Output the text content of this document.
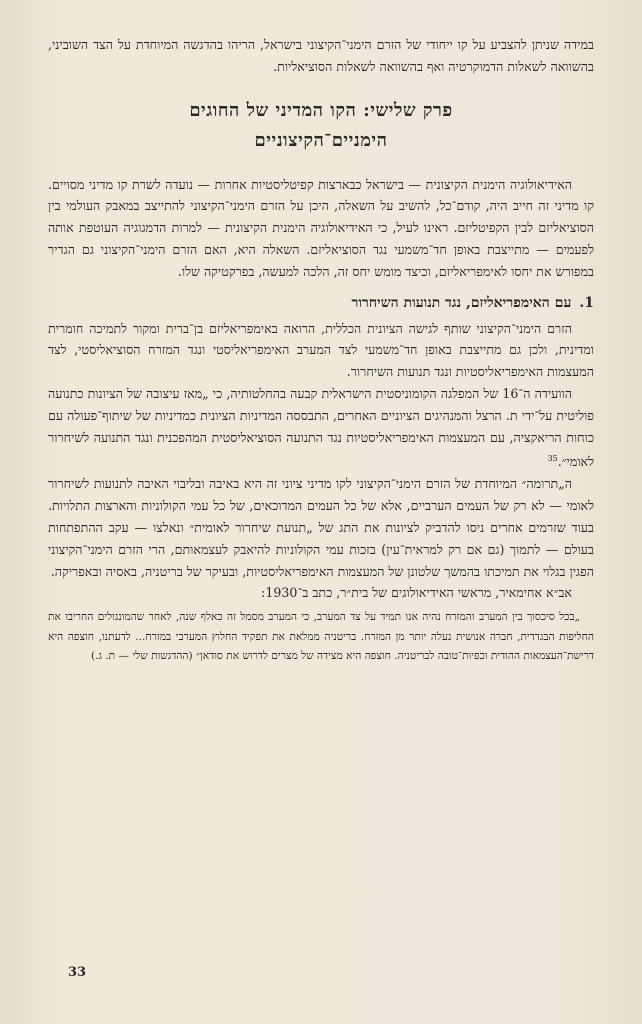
במידה שניתן להצביע על קו ייחודי של הזרם הימני־הקיצוני בישראל, הריהו בהדגשה המיוחדת על הצד השוביני, בהשוואה לשאלות הדמוקרטיה ואף בהשוואה לשאלות הסוציאליות.

פרק שלישי: הקו המדיני של החוגים
הימניים־הקיצוניים

האידיאולוגיה הימנית הקיצונית — בישראל כבארצות קפיטליסטיות אחרות — נועדה לשרת קו מדיני מסויים. קו מדיני זה חייב היה, קודם־כל, להשיב על השאלה, היכן על הזרם הימני־הקיצוני להתייצב במאבק העולמי בין הסוציאליזם לבין הקפיטליזם. ראינו לעיל, כי האידיאולוגיה הימנית הקיצונית — למרות הדמגוגיה העוטפת אותה לפעמים — מתייצבת באופן חד־משמעי נגד הסוציאליזם. השאלה היא, האם הזרם הימני־הקיצוני גם הגדיר במפורש את יחסו לאימפריאליזם, וכיצד מומש יחס זה, הלכה למעשה, בפרקטיקה שלו.

1.עם האימפריאליזם, נגד תנועות השיחרור

הזרם הימני־הקיצוני שותף לגישה הציונית הכללית, הרואה באימפריאליזם בן־ברית ומקור לתמיכה חומרית ומדינית, ולכן גם מתייצבת באופן חד־משמעי לצד המערב האימפריאליסטי ונגד המזרח הסוציאליסטי, לצד המעצמות האימפריאליסטיות ונגד תנועות השיחרור.

הוועידה ה־16 של המפלגה הקומוניסטית הישראלית קבעה בהחלטותיה, כי „מאז עיצובה של הציונות כתנועה פוליטית על־ידי ת. הרצל והמנהיגים הציוניים האחרים, התבססה המדיניות הציונית כמדיניות של שיתוף־פעולה עם כוחות הריאקציה, עם המעצמות האימפריאליסטיות נגד התנועה הסוציאליסטית המהפכנית ונגד התנועה לשיחרור לאומי״.$^{35}$

ה„תרומה״ המיוחדת של הזרם הימני־הקיצוני לקו מדיני ציוני זה היא באיבה ובליבוי האיבה לתנועות לשיחרור לאומי — לא רק של העמים הערביים, אלא של כל העמים המדוכאים, של כל עמי הקולוניות והארצות התלויות. בעוד שזרמים אחרים ניסו להדביק לציונות את התג של „תנועת שיחרור לאומית״ ונאלצו — עקב ההתפתחות בעולם — לתמוך (גם אם רק למראית־עין) בזכות עמי הקולוניות להיאבק לעצמאותם, הרי הזרם הימני־הקיצוני הפגין בגלוי את תמיכתו בהמשך שלטונן של המעצמות האימפריאליסטיות, ובעיקר של בריטניה, באסיה ובאפריקה.

אב״א אחימאיר, מראשי האידיאולוגים של בית״ר, כתב ב־1930:

„בכל סיכסוך בין המערב והמזרח נהיה אנו תמיד על צד המערב, כי המערב מסמל זה כאלף שנה, לאחר שהמונגולים החריבו את החליפות הבגדדית, חברה אנושית נעלה יותר מן המזרח. בריטניה ממלאת את תפקיד החלוץ המערבי במזרח... לדעתנו, חוצפה היא דרישת־העצמאות ההודית וכפיות־טובה לבריטניה. חוצפה היא מצידה של מצרים לדרוש את סודאן״ (ההדגשות שלי — ת. ג.)

33
